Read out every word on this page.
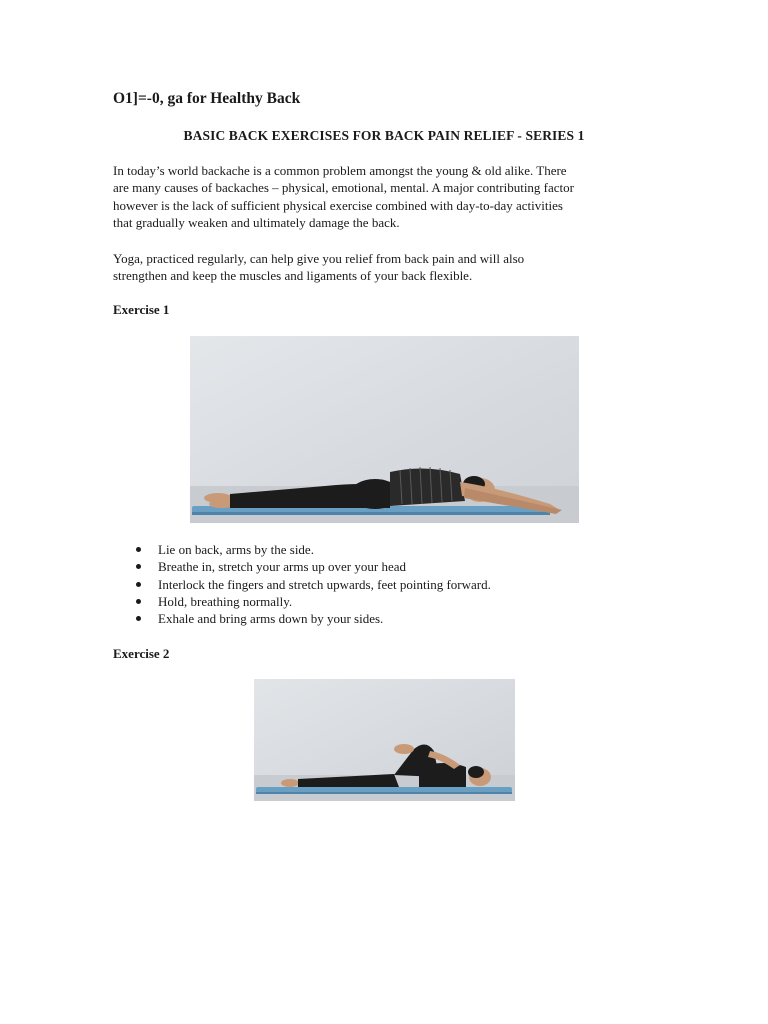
O1]=-0, ga for Healthy Back
BASIC BACK EXERCISES FOR BACK PAIN RELIEF - SERIES 1

In today’s world backache is a common problem amongst the young & old alike. There
are many causes of backaches – physical, emotional, mental. A major contributing factor
however is the lack of sufficient physical exercise combined with day-to-day activities
that gradually weaken and ultimately damage the back.

Yoga, practiced regularly, can help give you relief from back pain and will also
strengthen and keep the muscles and ligaments of your back flexible.

Exercise 1
Lie on back, arms by the side.
Breathe in, stretch your arms up over your head
Interlock the fingers and stretch upwards, feet pointing forward.
Hold, breathing normally.
Exhale and bring arms down by your sides.
Exercise 2
